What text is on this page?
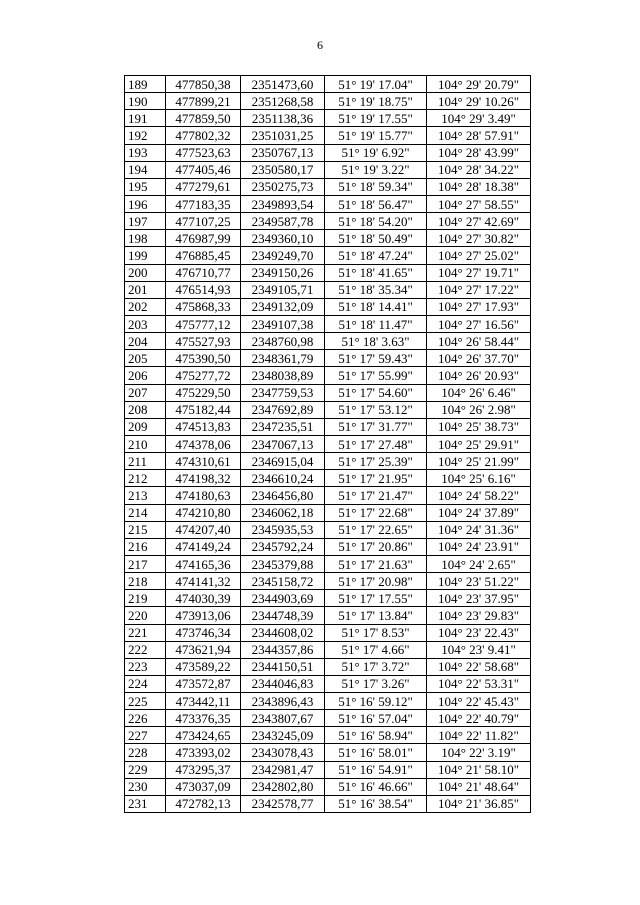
6
189	477850,38	2351473,60	51° 19' 17.04"	104° 29' 20.79"
190	477899,21	2351268,58	51° 19' 18.75"	104° 29' 10.26"
191	477859,50	2351138,36	51° 19' 17.55"	104° 29' 3.49"
192	477802,32	2351031,25	51° 19' 15.77"	104° 28' 57.91"
193	477523,63	2350767,13	51° 19' 6.92"	104° 28' 43.99"
194	477405,46	2350580,17	51° 19' 3.22"	104° 28' 34.22"
195	477279,61	2350275,73	51° 18' 59.34"	104° 28' 18.38"
196	477183,35	2349893,54	51° 18' 56.47"	104° 27' 58.55"
197	477107,25	2349587,78	51° 18' 54.20"	104° 27' 42.69"
198	476987,99	2349360,10	51° 18' 50.49"	104° 27' 30.82"
199	476885,45	2349249,70	51° 18' 47.24"	104° 27' 25.02"
200	476710,77	2349150,26	51° 18' 41.65"	104° 27' 19.71"
201	476514,93	2349105,71	51° 18' 35.34"	104° 27' 17.22"
202	475868,33	2349132,09	51° 18' 14.41"	104° 27' 17.93"
203	475777,12	2349107,38	51° 18' 11.47"	104° 27' 16.56"
204	475527,93	2348760,98	51° 18' 3.63"	104° 26' 58.44"
205	475390,50	2348361,79	51° 17' 59.43"	104° 26' 37.70"
206	475277,72	2348038,89	51° 17' 55.99"	104° 26' 20.93"
207	475229,50	2347759,53	51° 17' 54.60"	104° 26' 6.46"
208	475182,44	2347692,89	51° 17' 53.12"	104° 26' 2.98"
209	474513,83	2347235,51	51° 17' 31.77"	104° 25' 38.73"
210	474378,06	2347067,13	51° 17' 27.48"	104° 25' 29.91"
211	474310,61	2346915,04	51° 17' 25.39"	104° 25' 21.99"
212	474198,32	2346610,24	51° 17' 21.95"	104° 25' 6.16"
213	474180,63	2346456,80	51° 17' 21.47"	104° 24' 58.22"
214	474210,80	2346062,18	51° 17' 22.68"	104° 24' 37.89"
215	474207,40	2345935,53	51° 17' 22.65"	104° 24' 31.36"
216	474149,24	2345792,24	51° 17' 20.86"	104° 24' 23.91"
217	474165,36	2345379,88	51° 17' 21.63"	104° 24' 2.65"
218	474141,32	2345158,72	51° 17' 20.98"	104° 23' 51.22"
219	474030,39	2344903,69	51° 17' 17.55"	104° 23' 37.95"
220	473913,06	2344748,39	51° 17' 13.84"	104° 23' 29.83"
221	473746,34	2344608,02	51° 17' 8.53"	104° 23' 22.43"
222	473621,94	2344357,86	51° 17' 4.66"	104° 23' 9.41"
223	473589,22	2344150,51	51° 17' 3.72"	104° 22' 58.68"
224	473572,87	2344046,83	51° 17' 3.26"	104° 22' 53.31"
225	473442,11	2343896,43	51° 16' 59.12"	104° 22' 45.43"
226	473376,35	2343807,67	51° 16' 57.04"	104° 22' 40.79"
227	473424,65	2343245,09	51° 16' 58.94"	104° 22' 11.82"
228	473393,02	2343078,43	51° 16' 58.01"	104° 22' 3.19"
229	473295,37	2342981,47	51° 16' 54.91"	104° 21' 58.10"
230	473037,09	2342802,80	51° 16' 46.66"	104° 21' 48.64"
231	472782,13	2342578,77	51° 16' 38.54"	104° 21' 36.85"
